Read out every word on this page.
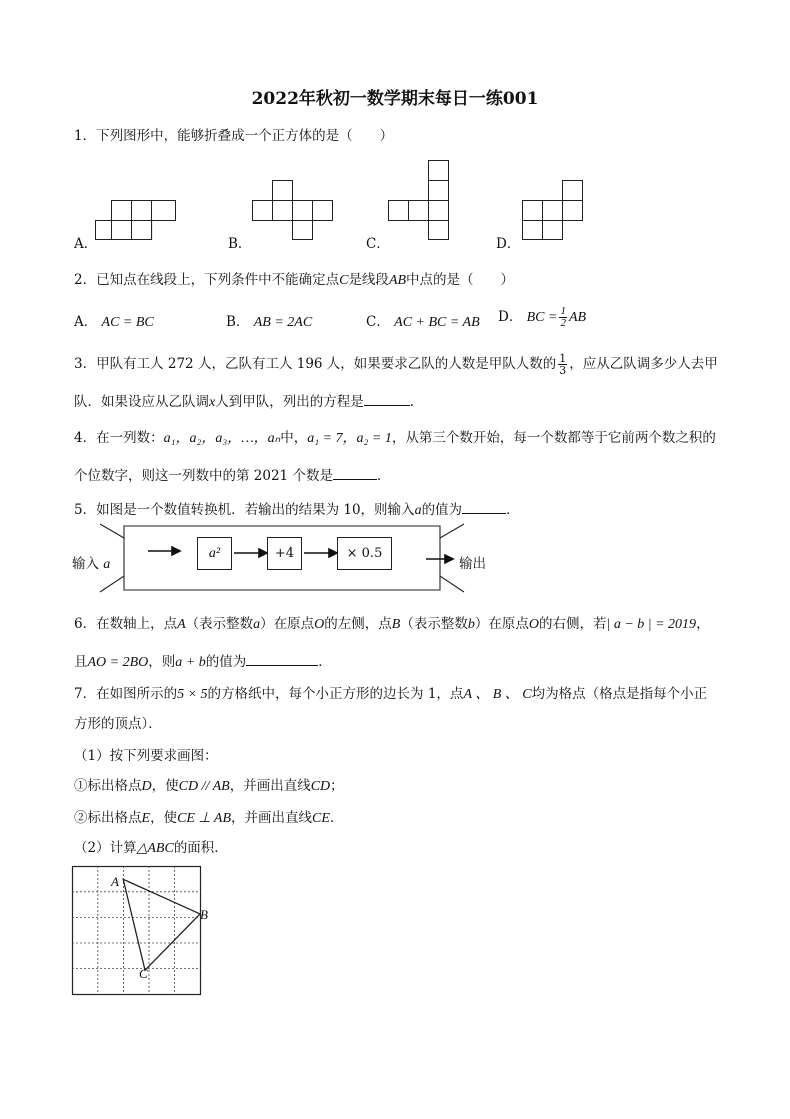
2022年秋初一数学期末每日一练001
1．下列图形中，能够折叠成一个正方体的是（　　）
A．	B．	C．	D．
2．已知点在线段上，下列条件中不能确定点C是线段AB中点的是（　　）
A． AC = BC	B． AB = 2AC	C． AC + BC = AB D． BC = $\frac{1}{2}$ AB
3．甲队有工人 272 人，乙队有工人 196 人，如果要求乙队的人数是甲队人数的 $\frac{1}{3}$ ，应从乙队调多少人去甲
队．如果设应从乙队调x人到甲队，列出的方程是	．
4．在一列数：a₁，a₂，a₃，…，aₙ中，a₁ = 7，a₂ = 1，从第三个数开始，每一个数都等于它前两个数之积的
个位数字，则这一列数中的第 2021 个数是	．
5．如图是一个数值转换机．若输出的结果为 10，则输入a的值为	．
输入 a
a²	+4	× 0.5
输出
6．在数轴上，点A（表示整数a）在原点O的左侧，点B（表示整数b）在原点O的右侧，若| a − b | = 2019，
且AO = 2BO，则a + b的值为	．
7．在如图所示的5 × 5的方格纸中，每个小正方形的边长为 1，点A 、 B 、 C均为格点（格点是指每个小正
方形的顶点）．
（1）按下列要求画图：
①标出格点D，使CD // AB，并画出直线CD；
②标出格点E，使CE ⊥ AB，并画出直线CE．
（2）计算△ABC的面积．
A
B
C
